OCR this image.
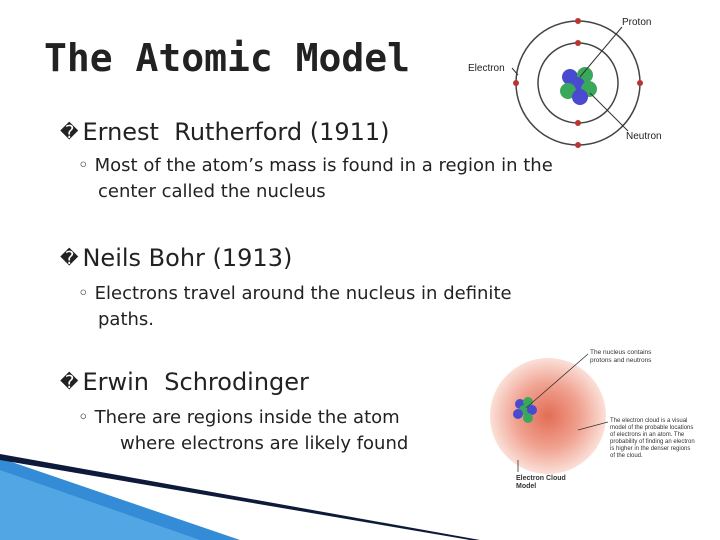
The Atomic Model
� Ernest Rutherford (1911)
◦ Most of the atom’s mass is found in a region in the
center called the nucleus
� Neils Bohr (1913)
◦ Electrons travel around the nucleus in definite
paths.
� Erwin Schrodinger
◦ There are regions inside the atom
where electrons are likely found
Proton
Electron
Neutron
The nucleus contains protons and neutrons
The electron cloud is a visual model of the probable locations of electrons in an atom. The probability of finding an electron is higher in the denser regions of the cloud.
Electron Cloud Model
